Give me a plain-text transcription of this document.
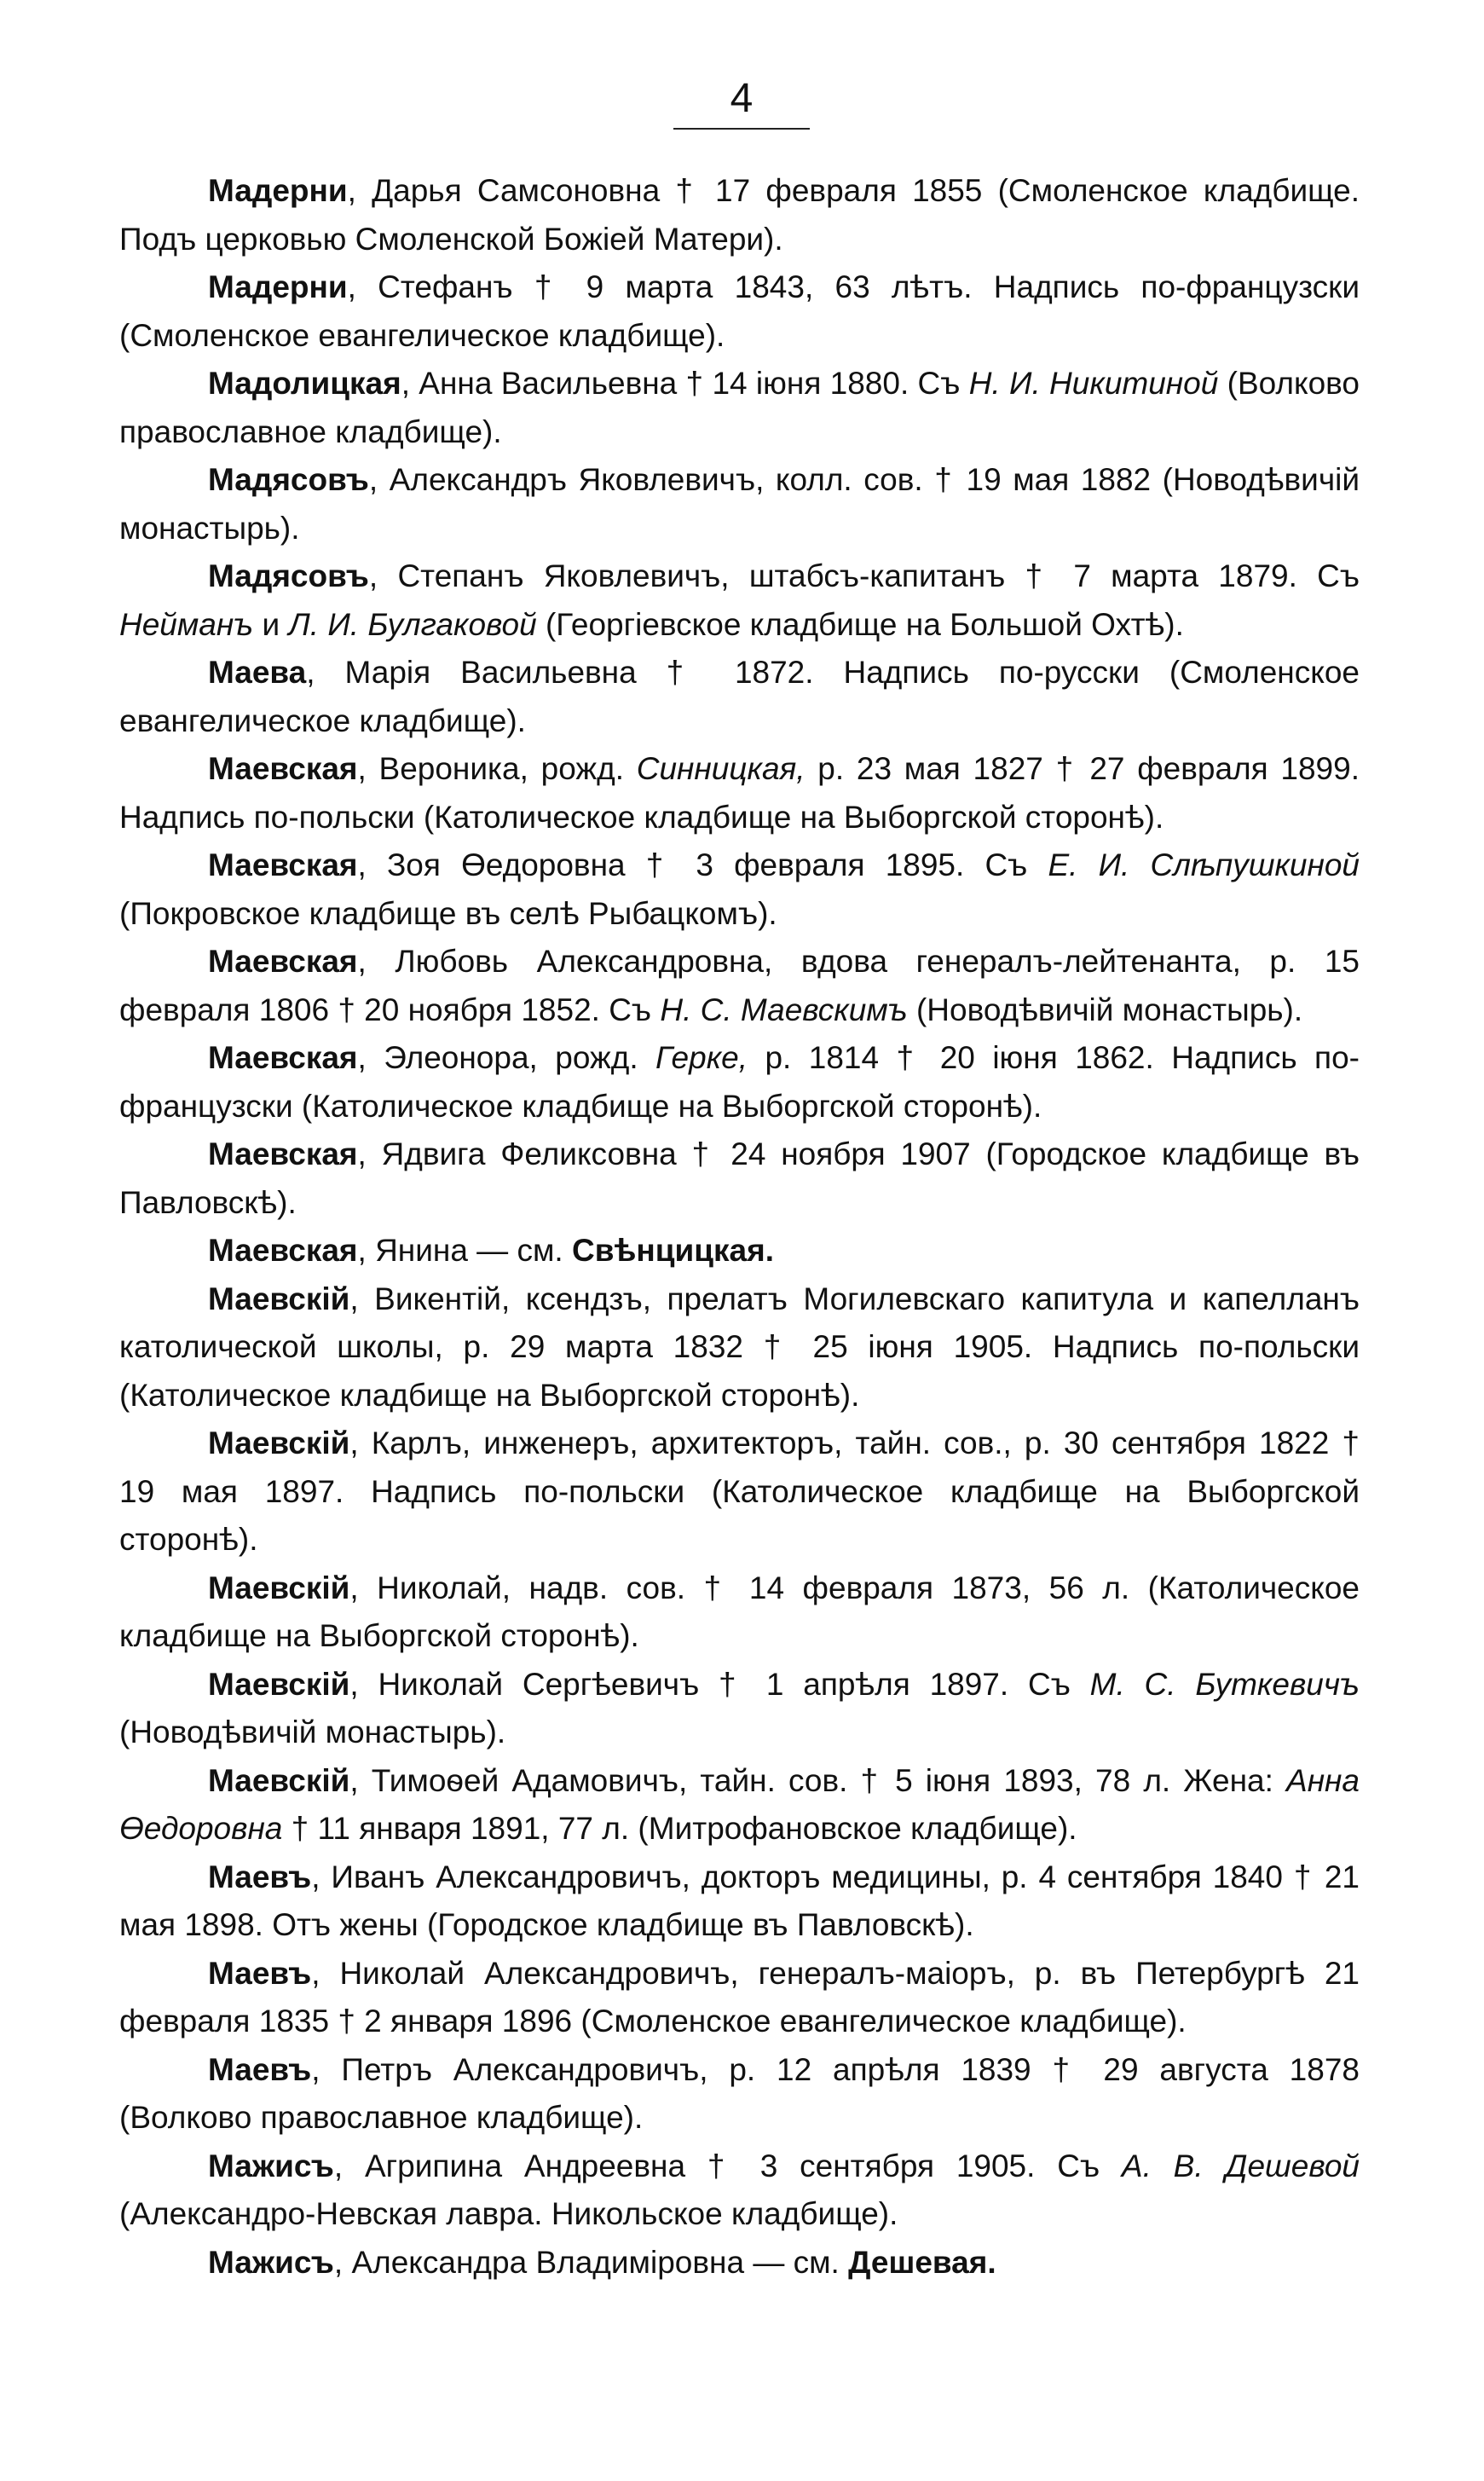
4

Мадерни, Дарья Самсоновна † 17 февраля 1855 (Смоленское кладбище. Подъ церковью Смоленской Божіей Матери).

Мадерни, Стефанъ † 9 марта 1843, 63 лѣтъ. Надпись по-французски (Смоленское евангелическое кладбище).

Мадолицкая, Анна Васильевна † 14 іюня 1880. Съ Н. И. Никитиной (Волково православное кладбище).

Мадясовъ, Александръ Яковлевичъ, колл. сов. † 19 мая 1882 (Новодѣвичій монастырь).

Мадясовъ, Степанъ Яковлевичъ, штабсъ-капитанъ † 7 марта 1879. Съ Нейманъ и Л. И. Булгаковой (Георгіевское кладбище на Большой Охтѣ).

Маева, Марія Васильевна † 1872. Надпись по-русски (Смоленское евангелическое кладбище).

Маевская, Вероника, рожд. Синницкая, р. 23 мая 1827 † 27 февраля 1899. Надпись по-польски (Католическое кладбище на Выборгской сторонѣ).

Маевская, Зоя Өедоровна † 3 февраля 1895. Съ Е. И. Слѣпушкиной (Покровское кладбище въ селѣ Рыбацкомъ).

Маевская, Любовь Александровна, вдова генералъ-лейтенанта, р. 15 февраля 1806 † 20 ноября 1852. Съ Н. С. Маевскимъ (Новодѣвичій монастырь).

Маевская, Элеонора, рожд. Герке, р. 1814 † 20 іюня 1862. Надпись по-французски (Католическое кладбище на Выборгской сторонѣ).

Маевская, Ядвига Феликсовна † 24 ноября 1907 (Городское кладбище въ Павловскѣ).

Маевская, Янина — см. Свѣнцицкая.

Маевскій, Викентій, ксендзъ, прелатъ Могилевскаго капитула и капелланъ католической школы, р. 29 марта 1832 † 25 іюня 1905. Надпись по-польски (Католическое кладбище на Выборгской сторонѣ).

Маевскій, Карлъ, инженеръ, архитекторъ, тайн. сов., р. 30 сентября 1822 † 19 мая 1897. Надпись по-польски (Католическое кладбище на Выборгской сторонѣ).

Маевскій, Николай, надв. сов. † 14 февраля 1873, 56 л. (Католическое кладбище на Выборгской сторонѣ).

Маевскій, Николай Сергѣевичъ † 1 апрѣля 1897. Съ М. С. Буткевичъ (Новодѣвичій монастырь).

Маевскій, Тимоѳей Адамовичъ, тайн. сов. † 5 іюня 1893, 78 л. Жена: Анна Өедоровна † 11 января 1891, 77 л. (Митрофановское кладбище).

Маевъ, Иванъ Александровичъ, докторъ медицины, р. 4 сентября 1840 † 21 мая 1898. Отъ жены (Городское кладбище въ Павловскѣ).

Маевъ, Николай Александровичъ, генералъ-маіоръ, р. въ Петербургѣ 21 февраля 1835 † 2 января 1896 (Смоленское евангелическое кладбище).

Маевъ, Петръ Александровичъ, р. 12 апрѣля 1839 † 29 августа 1878 (Волково православное кладбище).

Мажисъ, Агрипина Андреевна † 3 сентября 1905. Съ А. В. Дешевой (Александро-Невская лавра. Никольское кладбище).

Мажисъ, Александра Владиміровна — см. Дешевая.
